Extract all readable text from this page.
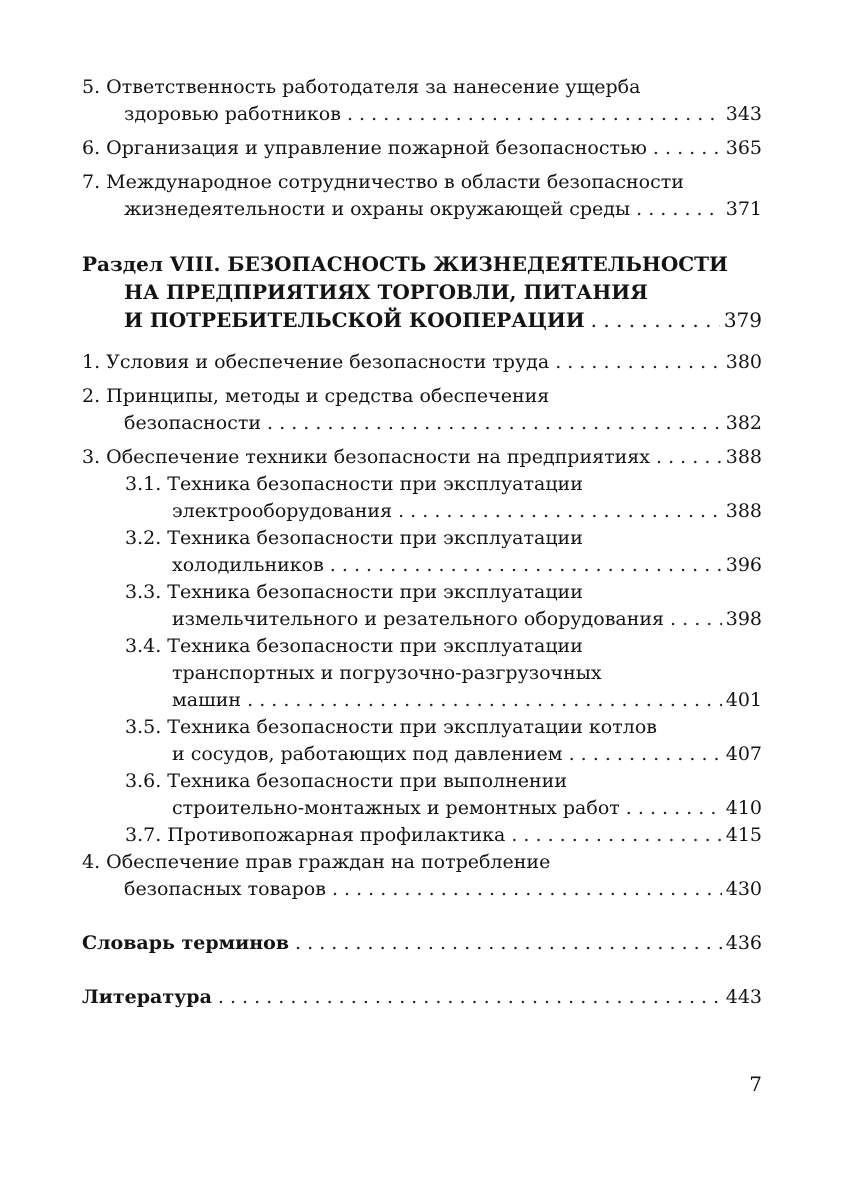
5. Ответственность работодателя за нанесение ущерба
здоровью работников . . .	343
6. Организация и управление пожарной безопасностью . . .	365
7. Международное сотрудничество в области безопасности
жизнедеятельности и охраны окружающей среды . . .	371
Раздел VIII. БЕЗОПАСНОСТЬ ЖИЗНЕДЕЯТЕЛЬНОСТИ
НА ПРЕДПРИЯТИЯХ ТОРГОВЛИ, ПИТАНИЯ
И ПОТРЕБИТЕЛЬСКОЙ КООПЕРАЦИИ . . .	379
1. Условия и обеспечение безопасности труда . . .	380
2. Принципы, методы и средства обеспечения
безопасности . . .	382
3. Обеспечение техники безопасности на предприятиях . . .	388
3.1. Техника безопасности при эксплуатации
электрооборудования . . .	388
3.2. Техника безопасности при эксплуатации
холодильников . . .	396
3.3. Техника безопасности при эксплуатации
измельчительного и резательного оборудования . . .	398
3.4. Техника безопасности при эксплуатации
транспортных и погрузочно-разгрузочных
машин . . .	401
3.5. Техника безопасности при эксплуатации котлов
и сосудов, работающих под давлением . . .	407
3.6. Техника безопасности при выполнении
строительно-монтажных и ремонтных работ . . .	410
3.7. Противопожарная профилактика . . .	415
4. Обеспечение прав граждан на потребление
безопасных товаров . . .	430
Словарь терминов . . .	436
Литература . . .	443
7
